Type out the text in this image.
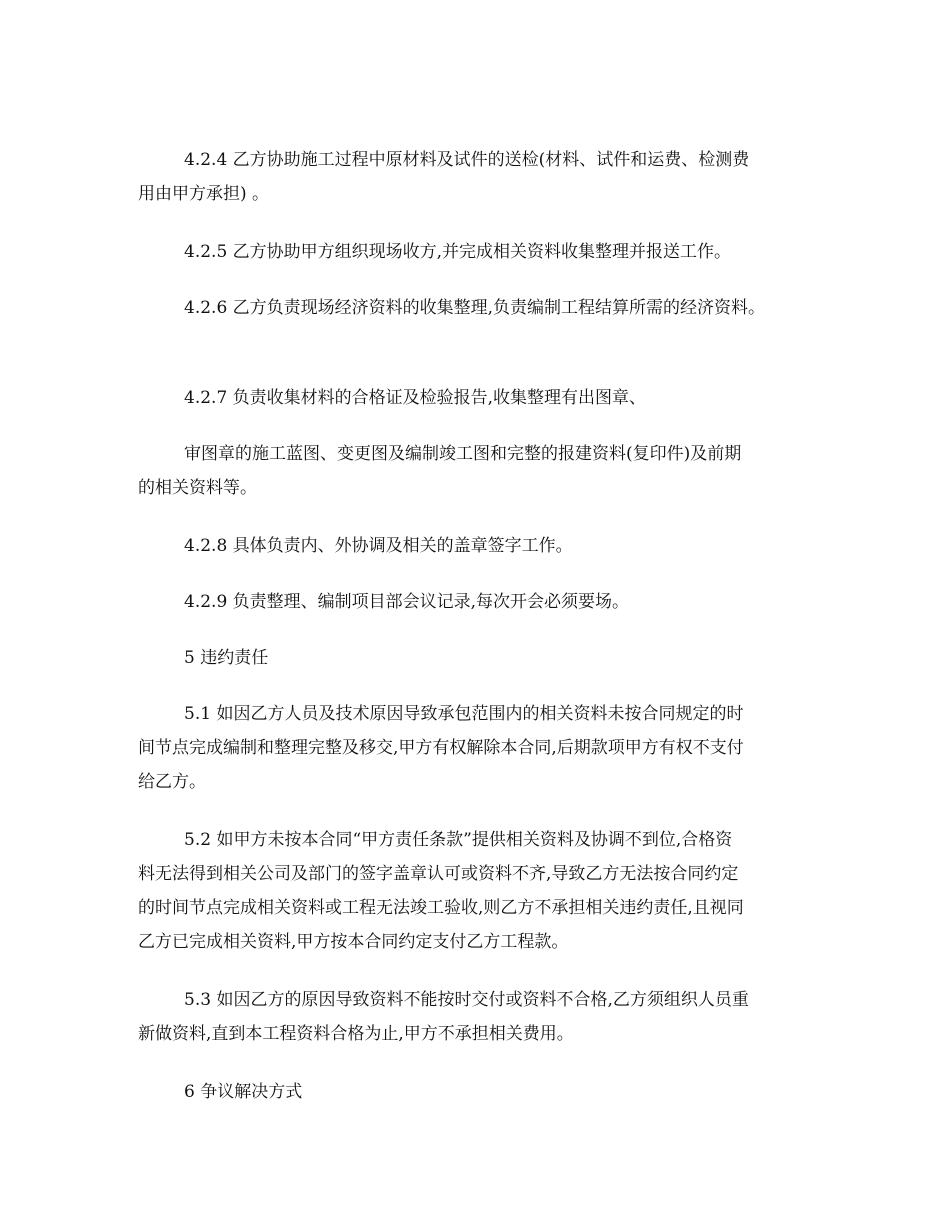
4.2.4 乙方协助施工过程中原材料及试件的送检(材料、试件和运费、检测费
用由甲方承担) 。

4.2.5 乙方协助甲方组织现场收方,并完成相关资料收集整理并报送工作。

4.2.6 乙方负责现场经济资料的收集整理,负责编制工程结算所需的经济资料。

4.2.7 负责收集材料的合格证及检验报告,收集整理有出图章、

审图章的施工蓝图、变更图及编制竣工图和完整的报建资料(复印件)及前期
的相关资料等。

4.2.8 具体负责内、外协调及相关的盖章签字工作。

4.2.9 负责整理、编制项目部会议记录,每次开会必须要场。

5 违约责任

5.1 如因乙方人员及技术原因导致承包范围内的相关资料未按合同规定的时
间节点完成编制和整理完整及移交,甲方有权解除本合同,后期款项甲方有权不支付
给乙方。

5.2 如甲方未按本合同“甲方责任条款”提供相关资料及协调不到位,合格资
料无法得到相关公司及部门的签字盖章认可或资料不齐,导致乙方无法按合同约定
的时间节点完成相关资料或工程无法竣工验收,则乙方不承担相关违约责任,且视同
乙方已完成相关资料,甲方按本合同约定支付乙方工程款。

5.3 如因乙方的原因导致资料不能按时交付或资料不合格,乙方须组织人员重
新做资料,直到本工程资料合格为止,甲方不承担相关费用。

6 争议解决方式
